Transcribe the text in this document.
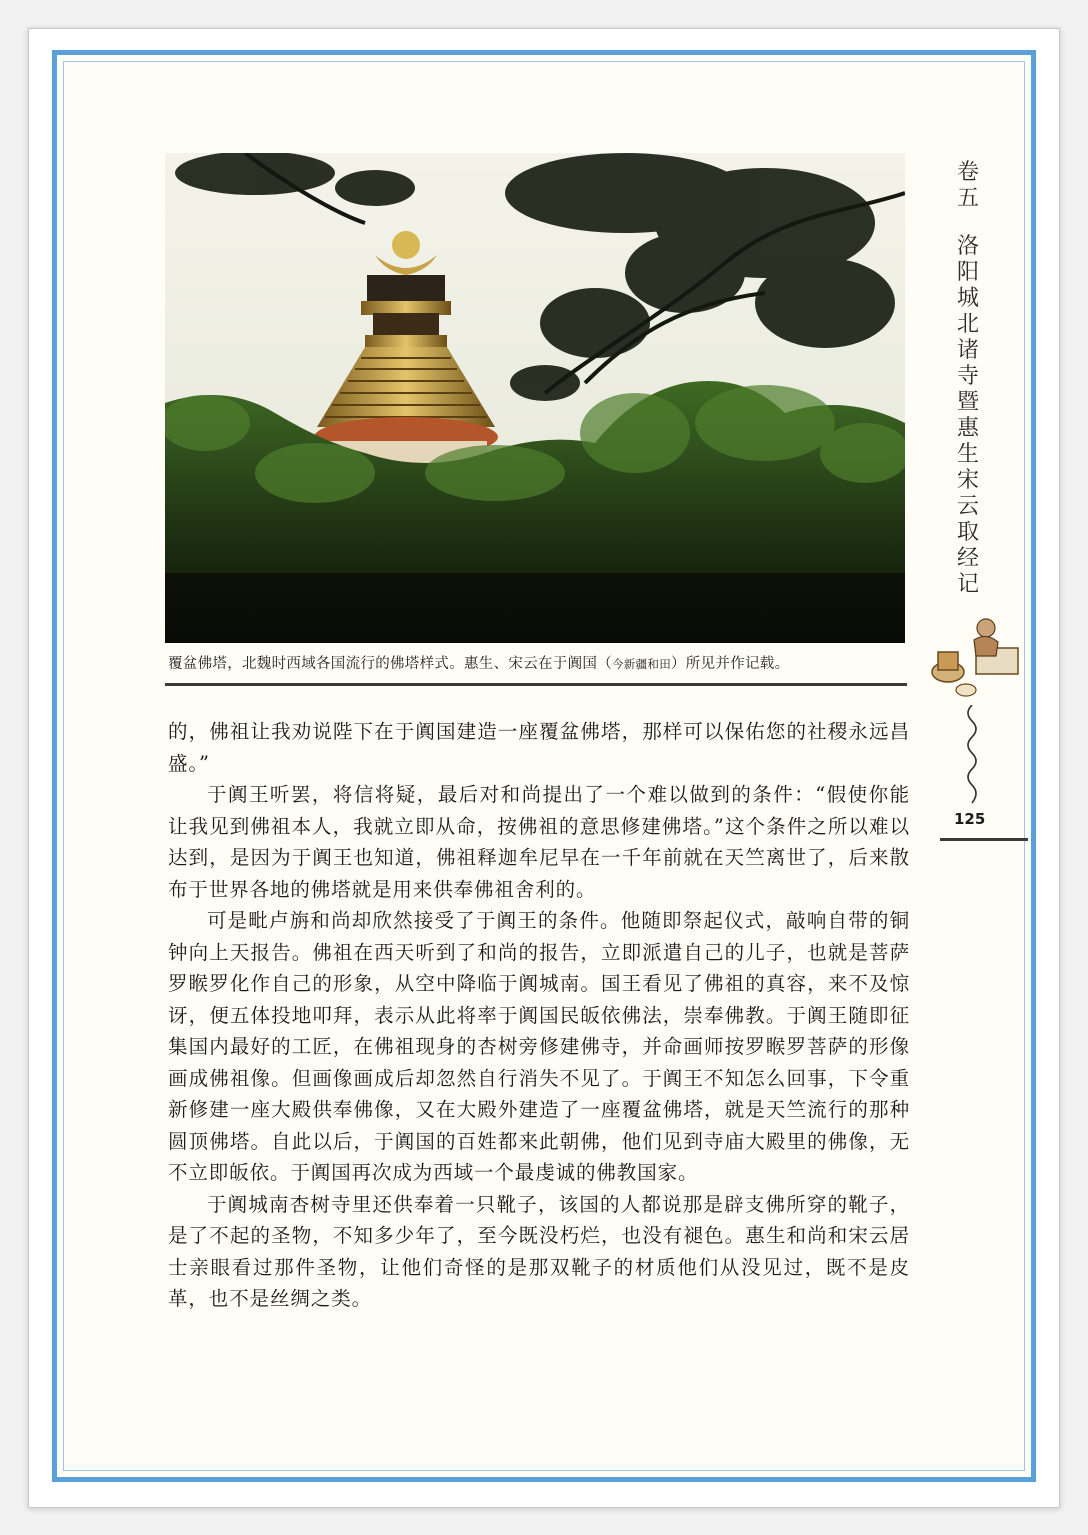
覆盆佛塔，北魏时西域各国流行的佛塔样式。惠生、宋云在于阗国（今新疆和田）所见并作记载。

的，佛祖让我劝说陛下在于阗国建造一座覆盆佛塔，那样可以保佑您的社稷永远昌盛。”

于阗王听罢，将信将疑，最后对和尚提出了一个难以做到的条件：“假使你能让我见到佛祖本人，我就立即从命，按佛祖的意思修建佛塔。”这个条件之所以难以达到，是因为于阗王也知道，佛祖释迦牟尼早在一千年前就在天竺离世了，后来散布于世界各地的佛塔就是用来供奉佛祖舍利的。

可是毗卢旃和尚却欣然接受了于阗王的条件。他随即祭起仪式，敲响自带的铜钟向上天报告。佛祖在西天听到了和尚的报告，立即派遣自己的儿子，也就是菩萨罗睺罗化作自己的形象，从空中降临于阗城南。国王看见了佛祖的真容，来不及惊讶，便五体投地叩拜，表示从此将率于阗国民皈依佛法，崇奉佛教。于阗王随即征集国内最好的工匠，在佛祖现身的杏树旁修建佛寺，并命画师按罗睺罗菩萨的形像画成佛祖像。但画像画成后却忽然自行消失不见了。于阗王不知怎么回事，下令重新修建一座大殿供奉佛像，又在大殿外建造了一座覆盆佛塔，就是天竺流行的那种圆顶佛塔。自此以后，于阗国的百姓都来此朝佛，他们见到寺庙大殿里的佛像，无不立即皈依。于阗国再次成为西域一个最虔诚的佛教国家。

于阗城南杏树寺里还供奉着一只靴子，该国的人都说那是辟支佛所穿的靴子，是了不起的圣物，不知多少年了，至今既没朽烂，也没有褪色。惠生和尚和宋云居士亲眼看过那件圣物，让他们奇怪的是那双靴子的材质他们从没见过，既不是皮革，也不是丝绸之类。

卷
五
洛
阳
城
北
诸
寺
暨
惠
生
宋
云
取
经
记
125
